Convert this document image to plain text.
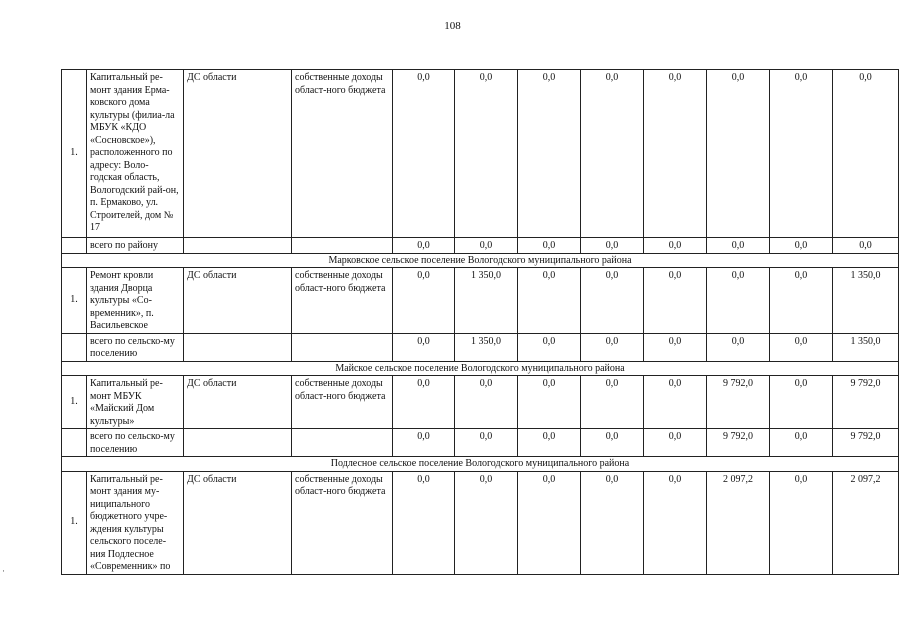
108
1.	Капитальный ре-монт здания Ерма-ковского дома культуры (филиа-ла МБУК «КДО «Сосновское»), расположенного по адресу: Воло-годская область, Вологодский рай-он, п. Ермаково, ул. Строителей, дом № 17	ДС области	собственные доходы област-ного бюджета	0,0	0,0	0,0	0,0	0,0	0,0	0,0	0,0
	всего по району			0,0	0,0	0,0	0,0	0,0	0,0	0,0	0,0
Марковское сельское поселение Вологодского муниципального района											
1.	Ремонт кровли здания Дворца культуры «Со-временник», п. Васильевское	ДС области	собственные доходы област-ного бюджета	0,0	1 350,0	0,0	0,0	0,0	0,0	0,0	1 350,0
	всего по сельско-му поселению			0,0	1 350,0	0,0	0,0	0,0	0,0	0,0	1 350,0
Майское сельское поселение Вологодского муниципального района											
1.	Капитальный ре-монт МБУК «Майский Дом культуры»	ДС области	собственные доходы област-ного бюджета	0,0	0,0	0,0	0,0	0,0	9 792,0	0,0	9 792,0
	всего по сельско-му поселению			0,0	0,0	0,0	0,0	0,0	9 792,0	0,0	9 792,0
Подлесное сельское поселение Вологодского муниципального района											
1.	Капитальный ре-монт здания му-ниципального бюджетного учре-ждения культуры сельского поселе-ния Подлесное «Современник» по	ДС области	собственные доходы област-ного бюджета	0,0	0,0	0,0	0,0	0,0	2 097,2	0,0	2 097,2
·	·
